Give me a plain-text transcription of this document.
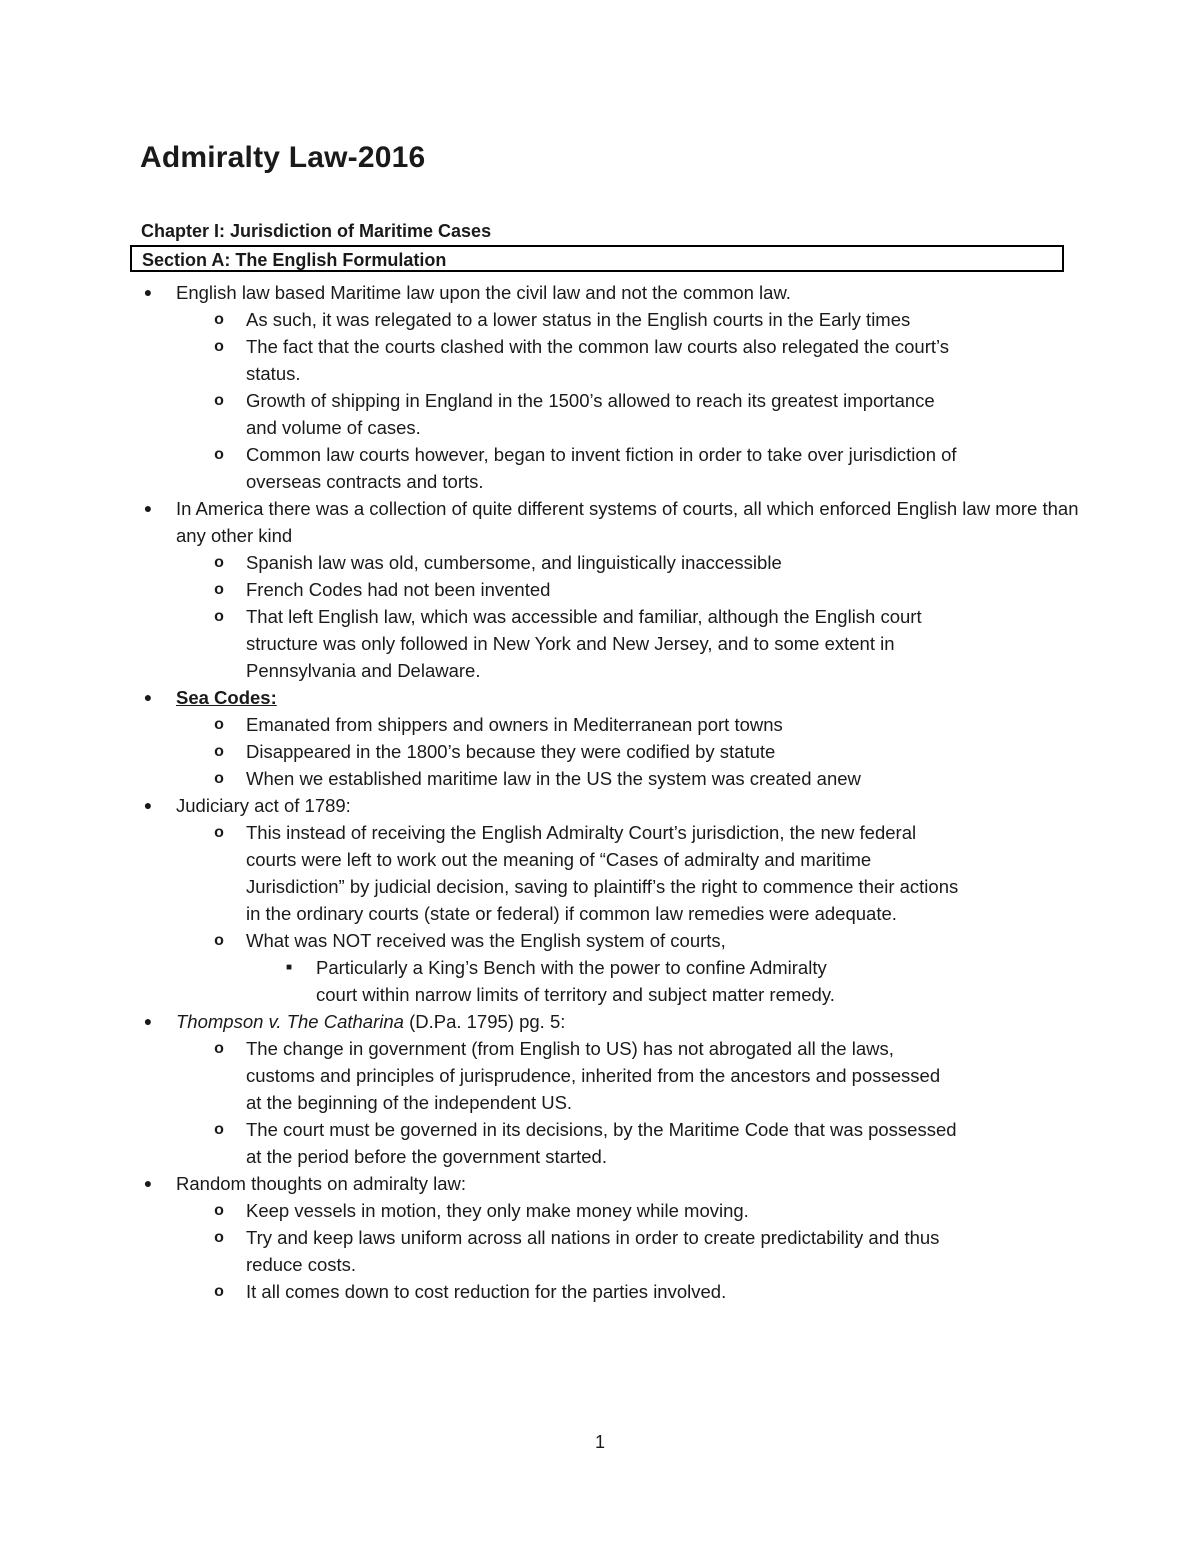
Admiralty Law-2016
Chapter I: Jurisdiction of Maritime Cases
Section A: The English Formulation
● English law based Maritime law upon the civil law and not the common law.
o As such, it was relegated to a lower status in the English courts in the Early times
o The fact that the courts clashed with the common law courts also relegated the court’s status.
o Growth of shipping in England in the 1500’s allowed to reach its greatest importance and volume of cases.
o Common law courts however, began to invent fiction in order to take over jurisdiction of overseas contracts and torts.
● In America there was a collection of quite different systems of courts, all which enforced English law more than any other kind
o Spanish law was old, cumbersome, and linguistically inaccessible
o French Codes had not been invented
o That left English law, which was accessible and familiar, although the English court structure was only followed in New York and New Jersey, and to some extent in Pennsylvania and Delaware.
● Sea Codes:
o Emanated from shippers and owners in Mediterranean port towns
o Disappeared in the 1800’s because they were codified by statute
o When we established maritime law in the US the system was created anew
● Judiciary act of 1789:
o This instead of receiving the English Admiralty Court’s jurisdiction, the new federal courts were left to work out the meaning of “Cases of admiralty and maritime Jurisdiction” by judicial decision, saving to plaintiff’s the right to commence their actions in the ordinary courts (state or federal) if common law remedies were adequate.
o What was NOT received was the English system of courts,
■ Particularly a King’s Bench with the power to confine Admiralty court within narrow limits of territory and subject matter remedy.
● Thompson v. The Catharina (D.Pa. 1795) pg. 5:
o The change in government (from English to US) has not abrogated all the laws, customs and principles of jurisprudence, inherited from the ancestors and possessed at the beginning of the independent US.
o The court must be governed in its decisions, by the Maritime Code that was possessed at the period before the government started.
● Random thoughts on admiralty law:
o Keep vessels in motion, they only make money while moving.
o Try and keep laws uniform across all nations in order to create predictability and thus reduce costs.
o It all comes down to cost reduction for the parties involved.
1
